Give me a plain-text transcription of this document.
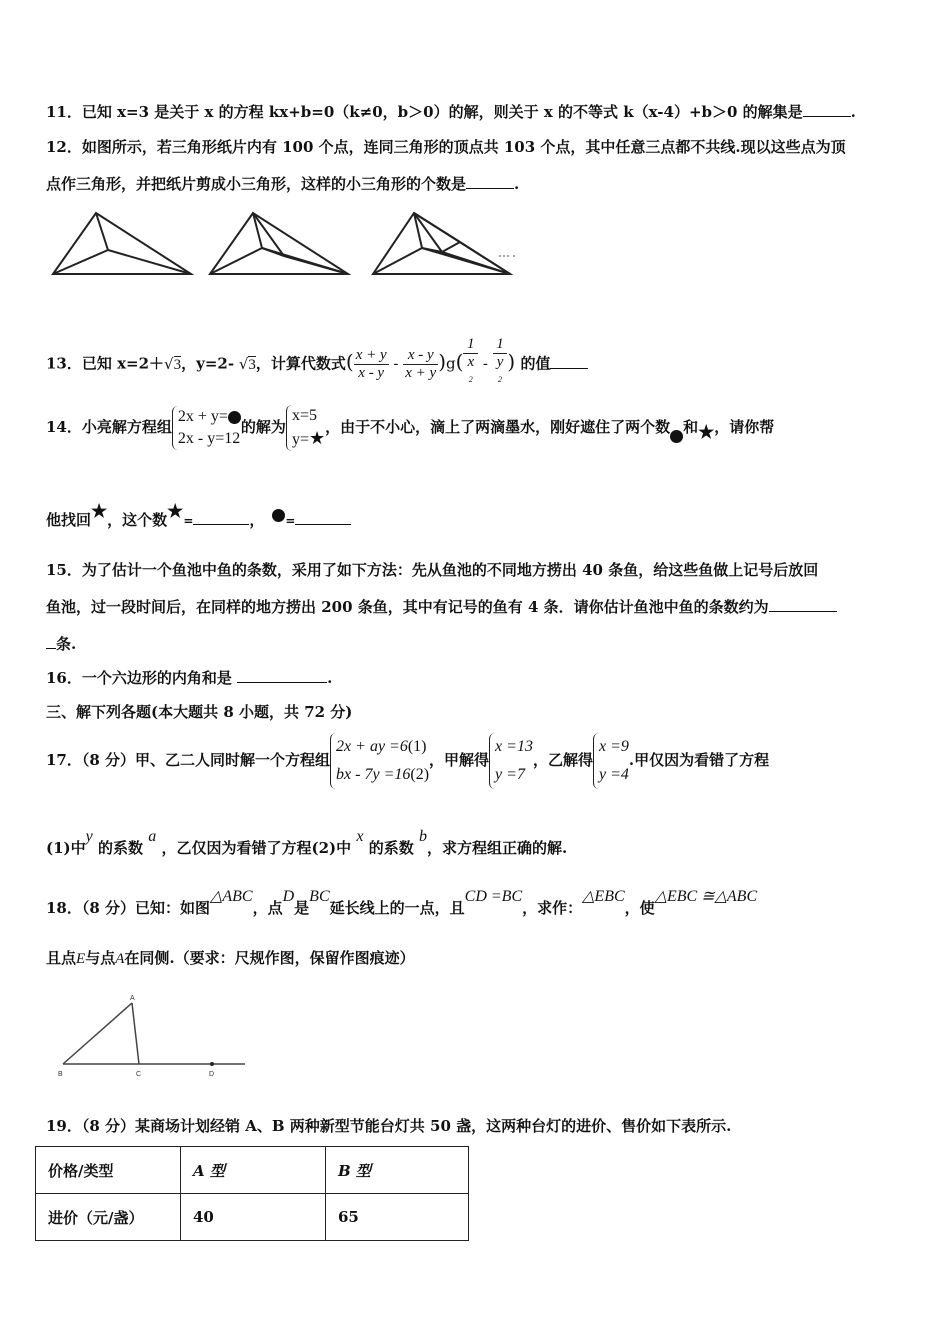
11．已知 x=3 是关于 x 的方程 kx+b=0（k≠0，b＞0）的解，则关于 x 的不等式 k（x-4）+b＞0 的解集是	.
12．如图所示，若三角形纸片内有 100 个点，连同三角形的顶点共 103 个点，其中任意三点都不共线.现以这些点为顶
点作三角形，并把纸片剪成小三角形，这样的小三角形的个数是	.
13．已知 x=2＋√3，y=2- √3，计算代数式( $\frac{x + y}{x - y} - \frac{x - y}{x + y} )g$( 1
x
$^2$ - 1
y
$^2$ ) 的值
14．小亮解方程组2x + y=
2x - y=12的解为x=5
y=★，由于不小心，滴上了两滴墨水，刚好遮住了两个数 和★，请你帮
他找回★，这个数★=	， =
15．为了估计一个鱼池中鱼的条数，采用了如下方法：先从鱼池的不同地方捞出 40 条鱼，给这些鱼做上记号后放回
鱼池，过一段时间后，在同样的地方捞出 200 条鱼，其中有记号的鱼有 4 条．请你估计鱼池中鱼的条数约为
条.
16．一个六边形的内角和是	.
三、解下列各题(本大题共 8 小题，共 72 分)
17．（8 分）甲、乙二人同时解一个方程组2x + ay =6(1)
bx - 7y =16(2)，甲解得x =13
y =7，乙解得x =9
y =4.甲仅因为看错了方程
(1)中y 的系数 a ，乙仅因为看错了方程(2)中 x 的系数 b，求方程组正确的解.
18．（8 分）已知：如图△ABC，点D是BC延长线上的一点，且CD =BC，求作：△EBC，使△EBC ≅△ABC
且点E与点A在同侧.（要求：尺规作图，保留作图痕迹）
A
B	C	D
19．（8 分）某商场计划经销 A、B 两种新型节能台灯共 50 盏，这两种台灯的进价、售价如下表所示.
价格/类型	A 型	B 型
进价（元/盏）	40	65
